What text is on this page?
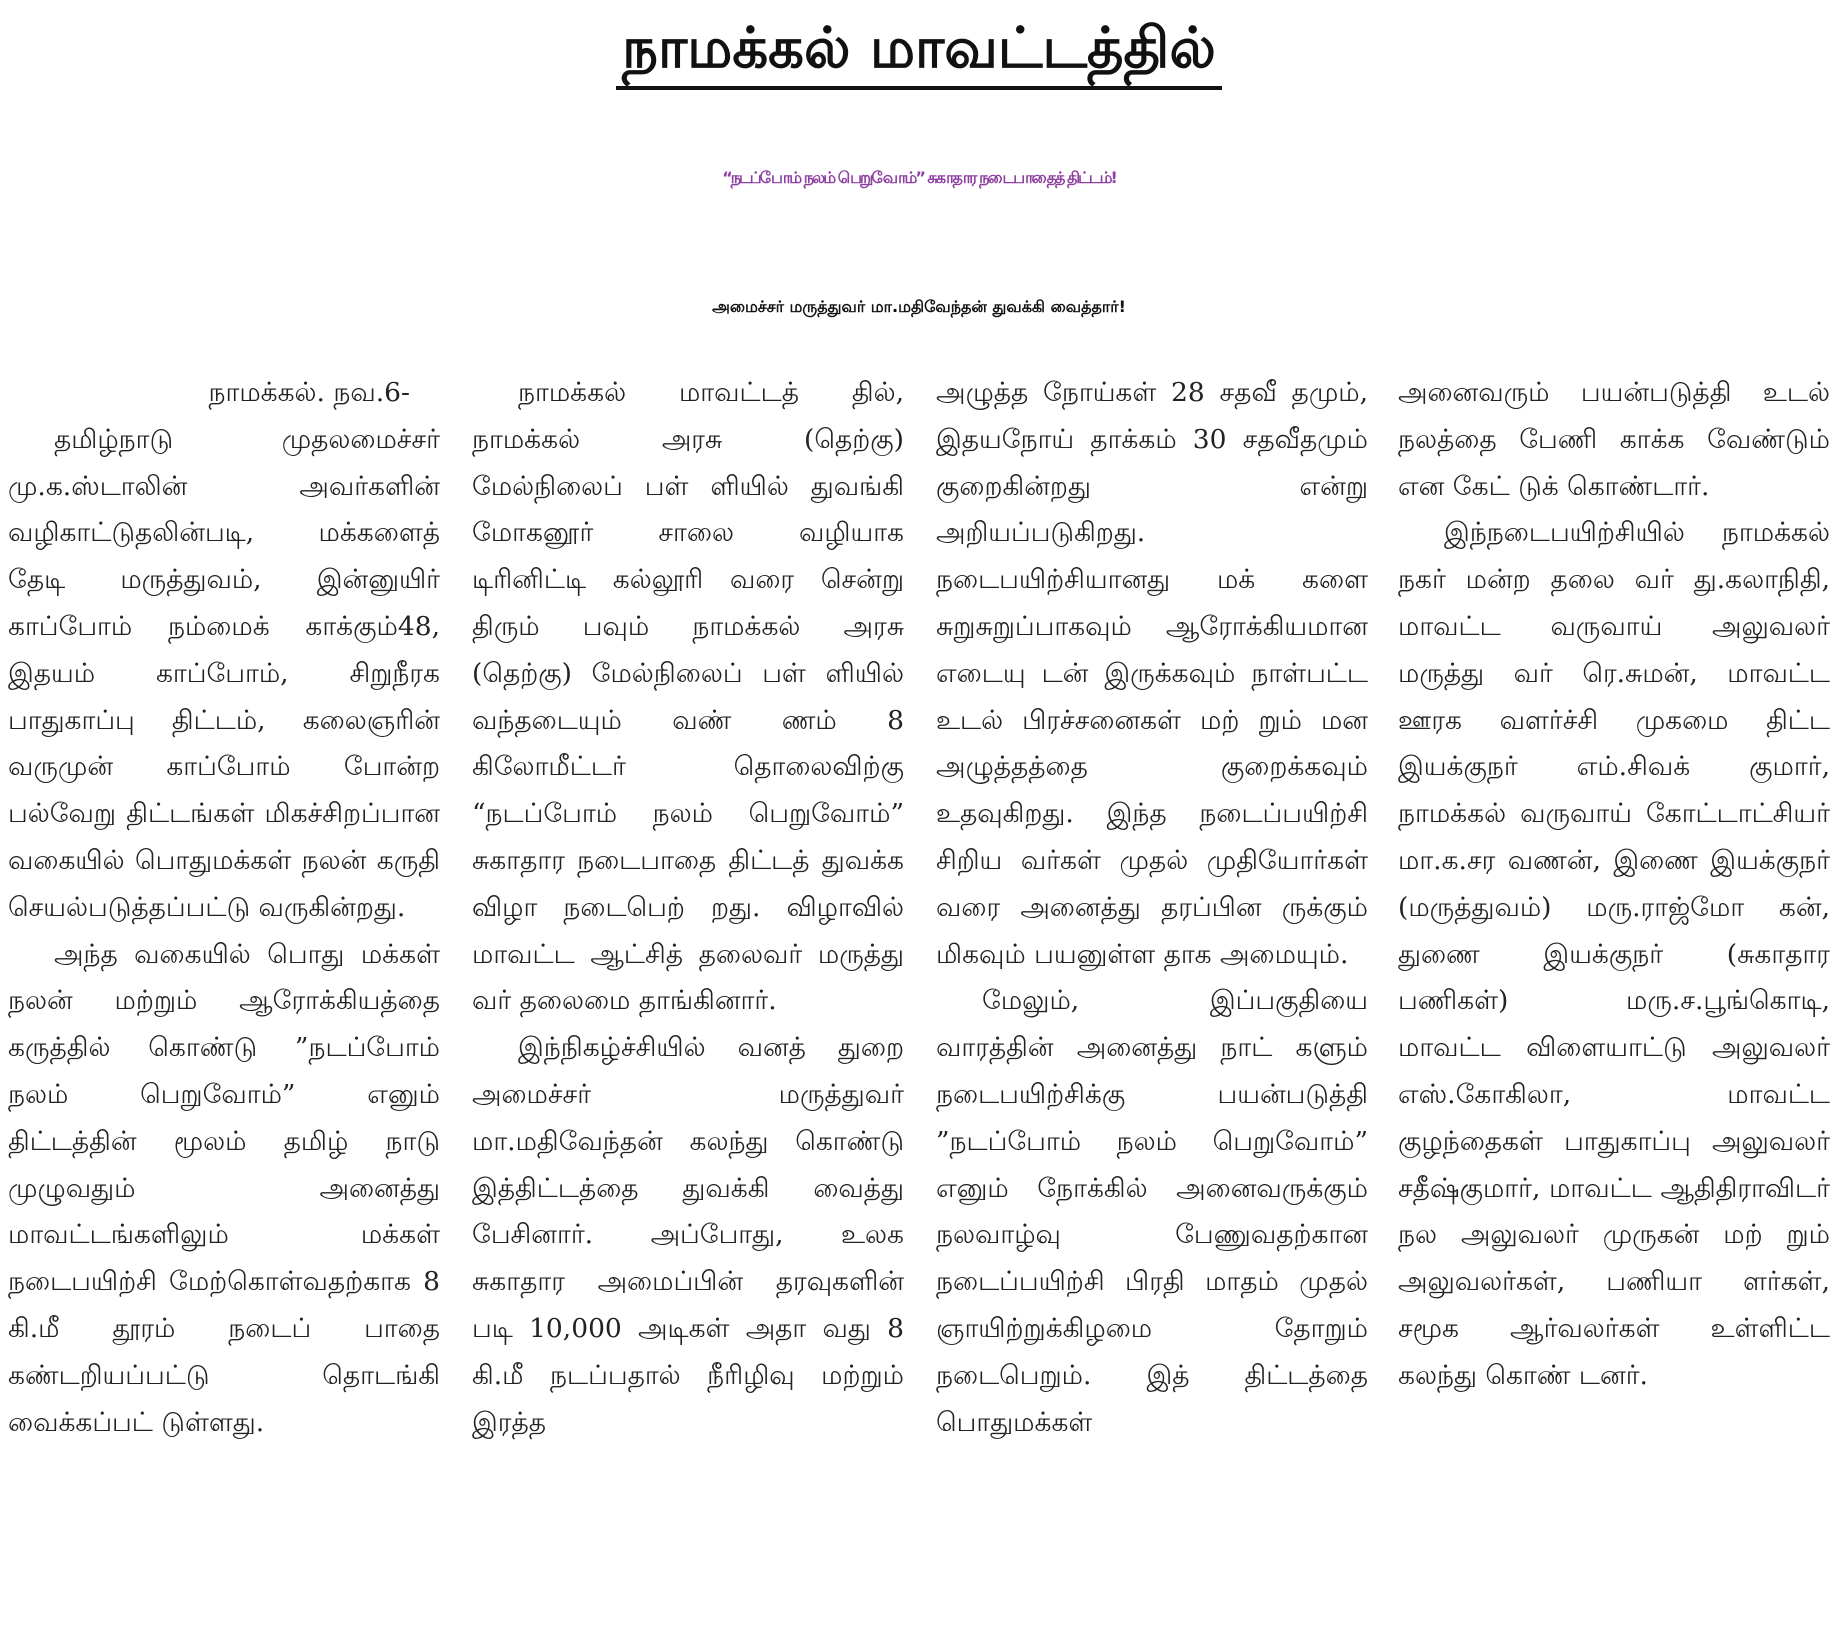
நாமக்கல் மாவட்டத்தில்
“நடப்போம் நலம் பெறுவோம்” சுகாதார நடைபாதைத் திட்டம்!
அமைச்சர் மருத்துவர் மா.மதிவேந்தன் துவக்கி வைத்தார்!

நாமக்கல். நவ.6-

தமிழ்நாடு முதலமைச்சர் மு.க.ஸ்டாலின் அவர்களின் வழிகாட்டுதலின்படி, மக்களைத் தேடி மருத்துவம், இன்னுயிர் காப்போம் நம்மைக் காக்கும்48, இதயம் காப்போம், சிறுநீரக பாதுகாப்பு திட்டம், கலைஞரின் வருமுன் காப்போம் போன்ற பல்வேறு திட்டங்கள் மிகச்சிறப்பான வகையில் பொதுமக்கள் நலன் கருதி செயல்படுத்தப்பட்டு வருகின்றது.

அந்த வகையில் பொது மக்கள் நலன் மற்றும் ஆரோக்கியத்தை கருத்தில் கொண்டு ”நடப்போம் நலம் பெறுவோம்” எனும் திட்டத்தின் மூலம் தமிழ் நாடு முழுவதும் அனைத்து மாவட்டங்களிலும் மக்கள் நடைபயிற்சி மேற்கொள்வதற்காக 8 கி.மீ தூரம் நடைப் பாதை கண்டறியப்பட்டு தொடங்கி வைக்கப்பட் டுள்ளது.

நாமக்கல் மாவட்டத் தில், நாமக்கல் அரசு (தெற்கு) மேல்நிலைப் பள் ளியில் துவங்கி மோகனூர் சாலை வழியாக டிரினிட்டி கல்லூரி வரை சென்று திரும் பவும் நாமக்கல் அரசு (தெற்கு) மேல்நிலைப் பள் ளியில் வந்தடையும் வண் ணம் 8 கிலோமீட்டர் தொலைவிற்கு “நடப்போம் நலம் பெறுவோம்” சுகாதார நடைபாதை திட்டத் துவக்க விழா நடைபெற் றது. விழாவில் மாவட்ட ஆட்சித் தலைவர் மருத்து வர் தலைமை தாங்கினார்.

இந்நிகழ்ச்சியில் வனத் துறை அமைச்சர் மருத்துவர் மா.மதிவேந்தன் கலந்து கொண்டு இத்திட்டத்தை துவக்கி வைத்து பேசினார். அப்போது, உலக சுகாதார அமைப்பின் தரவுகளின் படி 10,000 அடிகள் அதா வது 8 கி.மீ நடப்பதால் நீரிழிவு மற்றும் இரத்த

அழுத்த நோய்கள் 28 சதவீ தமும், இதயநோய் தாக்கம் 30 சதவீதமும் குறைகின்றது என்று அறியப்படுகிறது. நடைபயிற்சியானது மக் களை சுறுசுறுப்பாகவும் ஆரோக்கியமான எடையு டன் இருக்கவும் நாள்பட்ட உடல் பிரச்சனைகள் மற் றும் மன அழுத்தத்தை குறைக்கவும் உதவுகிறது. இந்த நடைப்பயிற்சி சிறிய வர்கள் முதல் முதியோர்கள் வரை அனைத்து தரப்பின ருக்கும் மிகவும் பயனுள்ள தாக அமையும்.

மேலும், இப்பகுதியை வாரத்தின் அனைத்து நாட் களும் நடைபயிற்சிக்கு பயன்படுத்தி ”நடப்போம் நலம் பெறுவோம்” எனும் நோக்கில் அனைவருக்கும் நலவாழ்வு பேணுவதற்கான நடைப்பயிற்சி பிரதி மாதம் முதல் ஞாயிற்றுக்கிழமை தோறும் நடைபெறும். இத் திட்டத்தை பொதுமக்கள்

அனைவரும் பயன்படுத்தி உடல் நலத்தை பேணி காக்க வேண்டும் என கேட் டுக் கொண்டார்.

இந்நடைபயிற்சியில் நாமக்கல் நகர் மன்ற தலை வர் து.கலாநிதி, மாவட்ட வருவாய் அலுவலர் மருத்து வர் ரெ.சுமன், மாவட்ட ஊரக வளர்ச்சி முகமை திட்ட இயக்குநர் எம்.சிவக் குமார், நாமக்கல் வருவாய் கோட்டாட்சியர் மா.க.சர வணன், இணை இயக்குநர் (மருத்துவம்) மரு.ராஜ்மோ கன், துணை இயக்குநர் (சுகாதார பணிகள்) மரு.ச.பூங்கொடி, மாவட்ட விளையாட்டு அலுவலர் எஸ்.கோகிலா, மாவட்ட குழந்தைகள் பாதுகாப்பு அலுவலர் சதீஷ்குமார், மாவட்ட ஆதிதிராவிடர் நல அலுவலர் முருகன் மற் றும் அலுவலர்கள், பணியா ளர்கள், சமூக ஆர்வலர்கள் உள்ளிட்ட கலந்து கொண் டனர்.
